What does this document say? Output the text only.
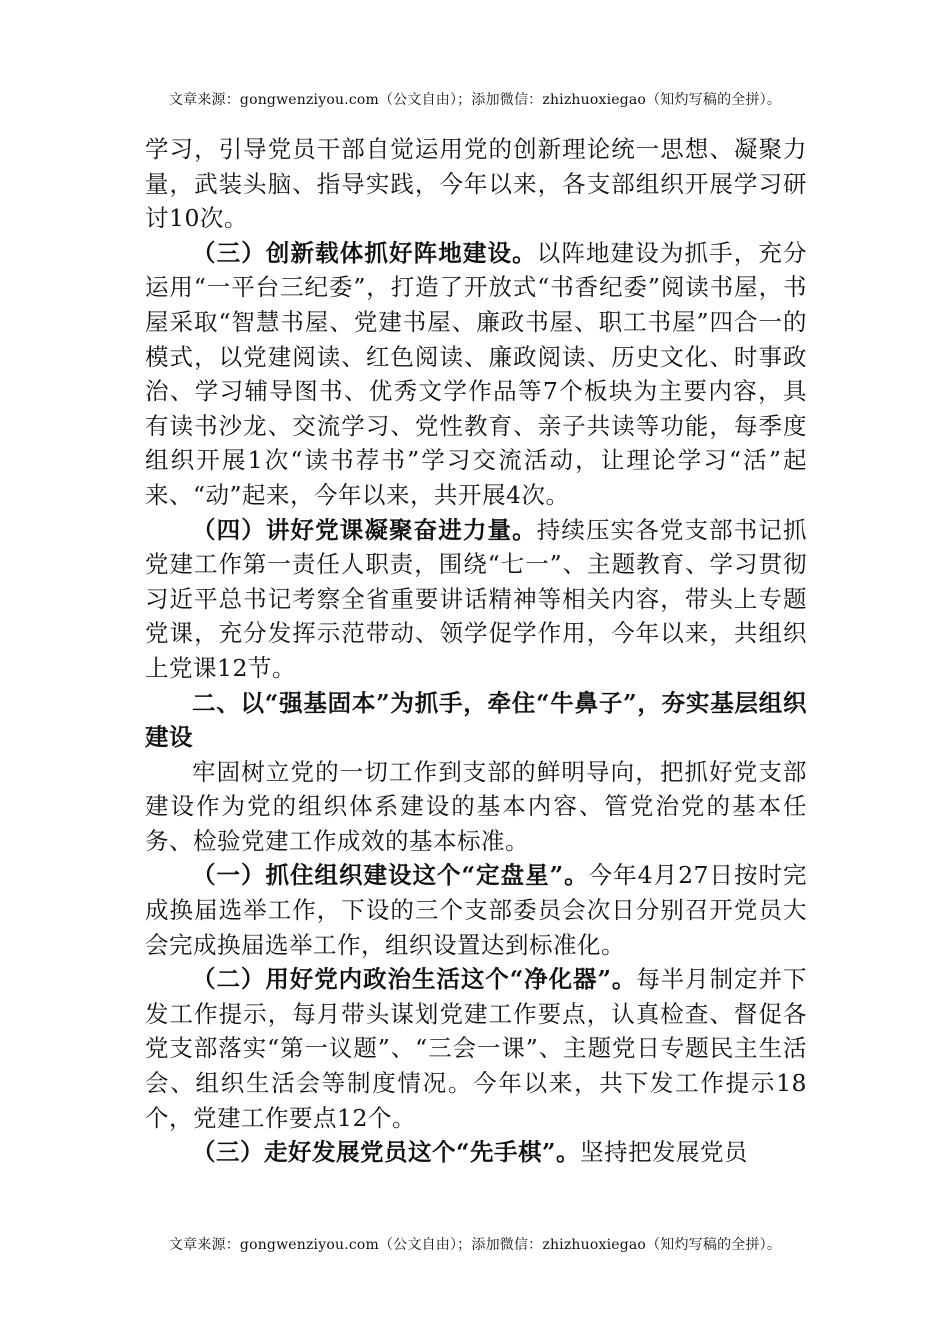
文章来源：gongwenziyou.com（公文自由）；添加微信：zhizhuoxiegao（知灼写稿的全拼）。

学习，引导党员干部自觉运用党的创新理论统一思想、凝聚力量，武装头脑、指导实践，今年以来，各支部组织开展学习研讨10次。

（三）创新载体抓好阵地建设。以阵地建设为抓手，充分运用“一平台三纪委”，打造了开放式“书香纪委”阅读书屋，书屋采取“智慧书屋、党建书屋、廉政书屋、职工书屋”四合一的模式，以党建阅读、红色阅读、廉政阅读、历史文化、时事政治、学习辅导图书、优秀文学作品等7个板块为主要内容，具有读书沙龙、交流学习、党性教育、亲子共读等功能，每季度组织开展1次“读书荐书”学习交流活动，让理论学习“活”起来、“动”起来，今年以来，共开展4次。

（四）讲好党课凝聚奋进力量。持续压实各党支部书记抓党建工作第一责任人职责，围绕“七一”、主题教育、学习贯彻习近平总书记考察全省重要讲话精神等相关内容，带头上专题党课，充分发挥示范带动、领学促学作用，今年以来，共组织上党课12节。

二、以“强基固本”为抓手，牵住“牛鼻子”，夯实基层组织建设

牢固树立党的一切工作到支部的鲜明导向，把抓好党支部建设作为党的组织体系建设的基本内容、管党治党的基本任务、检验党建工作成效的基本标准。

（一）抓住组织建设这个“定盘星”。今年4月27日按时完成换届选举工作，下设的三个支部委员会次日分别召开党员大会完成换届选举工作，组织设置达到标准化。

（二）用好党内政治生活这个“净化器”。每半月制定并下发工作提示，每月带头谋划党建工作要点，认真检查、督促各党支部落实“第一议题”、“三会一课”、主题党日专题民主生活会、组织生活会等制度情况。今年以来，共下发工作提示18个，党建工作要点12个。

（三）走好发展党员这个“先手棋”。坚持把发展党员

文章来源：gongwenziyou.com（公文自由）；添加微信：zhizhuoxiegao（知灼写稿的全拼）。
